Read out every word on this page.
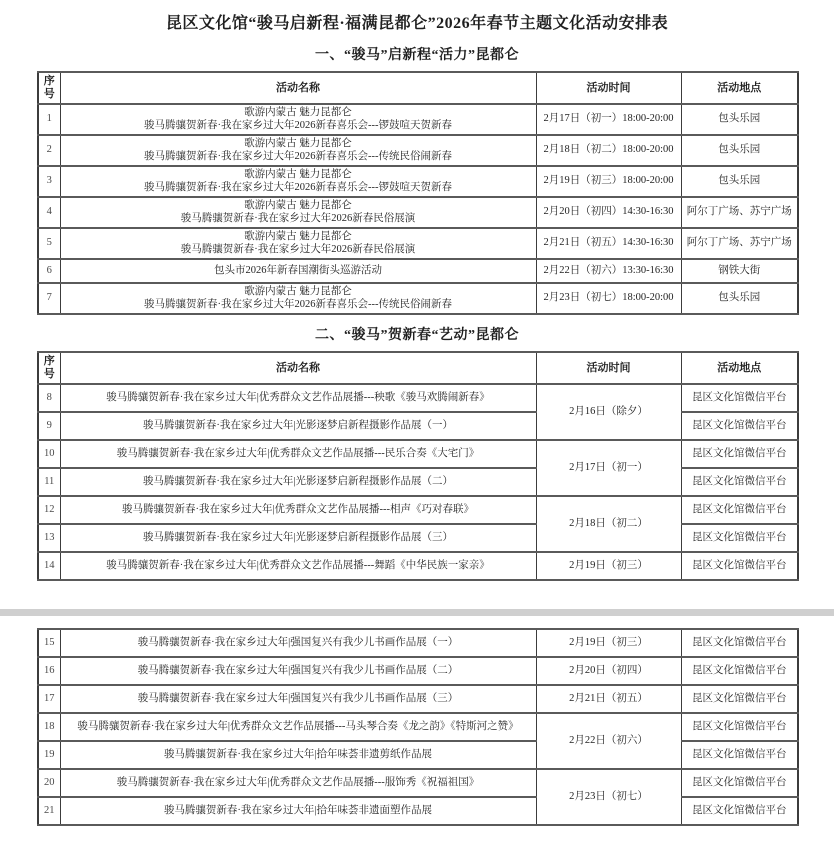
昆区文化馆“骏马启新程·福满昆都仑”2026年春节主题文化活动安排表
一、“骏马”启新程“活力”昆都仑
序号	活动名称	活动时间	活动地点
1	歌游内蒙古 魅力昆都仑
骏马腾骧贺新春·我在家乡过大年2026新春喜乐会---锣鼓喧天贺新春	2月17日（初一）18:00-20:00	包头乐园
2	歌游内蒙古 魅力昆都仑
骏马腾骧贺新春·我在家乡过大年2026新春喜乐会---传统民俗闹新春	2月18日（初二）18:00-20:00	包头乐园
3	歌游内蒙古 魅力昆都仑
骏马腾骧贺新春·我在家乡过大年2026新春喜乐会---锣鼓喧天贺新春	2月19日（初三）18:00-20:00	包头乐园
4	歌游内蒙古 魅力昆都仑
骏马腾骧贺新春·我在家乡过大年2026新春民俗展演	2月20日（初四）14:30-16:30	阿尔丁广场、苏宁广场
5	歌游内蒙古 魅力昆都仑
骏马腾骧贺新春·我在家乡过大年2026新春民俗展演	2月21日（初五）14:30-16:30	阿尔丁广场、苏宁广场
6	包头市2026年新春国潮街头巡游活动	2月22日（初六）13:30-16:30	钢铁大街
7	歌游内蒙古 魅力昆都仑
骏马腾骧贺新春·我在家乡过大年2026新春喜乐会---传统民俗闹新春	2月23日（初七）18:00-20:00	包头乐园
二、“骏马”贺新春“艺动”昆都仑
序号	活动名称	活动时间	活动地点
8	骏马腾骧贺新春·我在家乡过大年|优秀群众文艺作品展播---秧歌《骏马欢腾闹新春》	2月16日（除夕）	昆区文化馆微信平台
9	骏马腾骧贺新春·我在家乡过大年|光影逐梦启新程摄影作品展（一）		昆区文化馆微信平台
10	骏马腾骧贺新春·我在家乡过大年|优秀群众文艺作品展播---民乐合奏《大宅门》	2月17日（初一）	昆区文化馆微信平台
11	骏马腾骧贺新春·我在家乡过大年|光影逐梦启新程摄影作品展（二）		昆区文化馆微信平台
12	骏马腾骧贺新春·我在家乡过大年|优秀群众文艺作品展播---相声《巧对春联》	2月18日（初二）	昆区文化馆微信平台
13	骏马腾骧贺新春·我在家乡过大年|光影逐梦启新程摄影作品展（三）		昆区文化馆微信平台
14	骏马腾骧贺新春·我在家乡过大年|优秀群众文艺作品展播---舞蹈《中华民族一家亲》	2月19日（初三）	昆区文化馆微信平台
15	骏马腾骧贺新春·我在家乡过大年|强国复兴有我少儿书画作品展（一）	2月19日（初三）	昆区文化馆微信平台
16	骏马腾骧贺新春·我在家乡过大年|强国复兴有我少儿书画作品展（二）	2月20日（初四）	昆区文化馆微信平台
17	骏马腾骧贺新春·我在家乡过大年|强国复兴有我少儿书画作品展（三）	2月21日（初五）	昆区文化馆微信平台
18	骏马腾骧贺新春·我在家乡过大年|优秀群众文艺作品展播---马头琴合奏《龙之韵》《特斯河之赞》	2月22日（初六）	昆区文化馆微信平台
19	骏马腾骧贺新春·我在家乡过大年|拾年味荟非遗剪纸作品展		昆区文化馆微信平台
20	骏马腾骧贺新春·我在家乡过大年|优秀群众文艺作品展播---服饰秀《祝福祖国》	2月23日（初七）	昆区文化馆微信平台
21	骏马腾骧贺新春·我在家乡过大年|拾年味荟非遗面塑作品展		昆区文化馆微信平台
